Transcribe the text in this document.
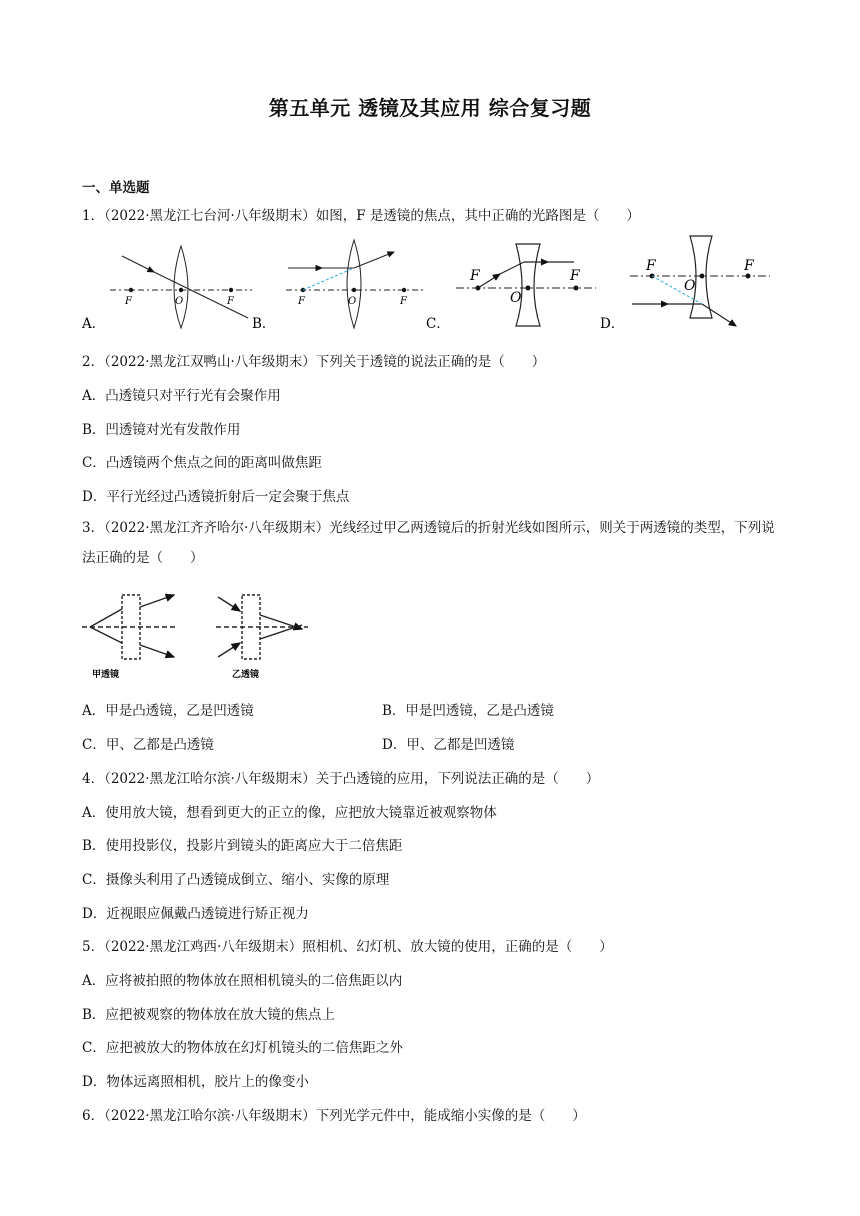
第五单元 透镜及其应用 综合复习题
一、单选题
1．（2022·黑龙江七台河·八年级期末）如图，F 是透镜的焦点，其中正确的光路图是（　　）
F	O	F	F	O	F
F
O
F
C．
F
O
F
D．
A．	B．
2．（2022·黑龙江双鸭山·八年级期末）下列关于透镜的说法正确的是（　　）
A．凸透镜只对平行光有会聚作用
B．凹透镜对光有发散作用
C．凸透镜两个焦点之间的距离叫做焦距
D．平行光经过凸透镜折射后一定会聚于焦点
3．（2022·黑龙江齐齐哈尔·八年级期末）光线经过甲乙两透镜后的折射光线如图所示，则关于两透镜的类型，下列说法正确的是（　　）
甲透镜	乙透镜
A．甲是凸透镜，乙是凹透镜	B．甲是凹透镜，乙是凸透镜
C．甲、乙都是凸透镜	D．甲、乙都是凹透镜
4．（2022·黑龙江哈尔滨·八年级期末）关于凸透镜的应用，下列说法正确的是（　　）
A．使用放大镜，想看到更大的正立的像，应把放大镜靠近被观察物体
B．使用投影仪，投影片到镜头的距离应大于二倍焦距
C．摄像头利用了凸透镜成倒立、缩小、实像的原理
D．近视眼应佩戴凸透镜进行矫正视力
5．（2022·黑龙江鸡西·八年级期末）照相机、幻灯机、放大镜的使用，正确的是（　　）
A．应将被拍照的物体放在照相机镜头的二倍焦距以内
B．应把被观察的物体放在放大镜的焦点上
C．应把被放大的物体放在幻灯机镜头的二倍焦距之外
D．物体远离照相机，胶片上的像变小
6．（2022·黑龙江哈尔滨·八年级期末）下列光学元件中，能成缩小实像的是（　　）
